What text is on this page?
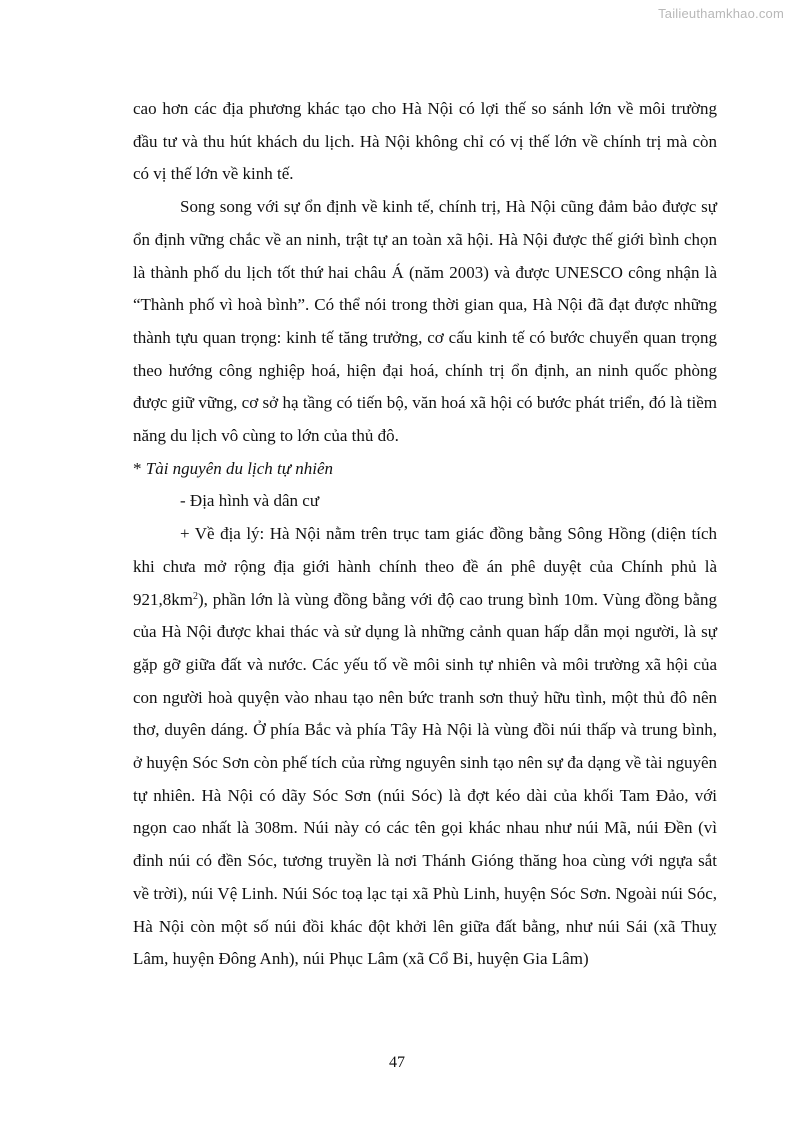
Tailieuthamkhao.com

cao hơn các địa phương khác tạo cho Hà Nội có lợi thế so sánh lớn về môi trường đầu tư và thu hút khách du lịch. Hà Nội không chỉ có vị thế lớn về chính trị mà còn có vị thế lớn về kinh tế.

Song song với sự ổn định về kinh tế, chính trị, Hà Nội cũng đảm bảo được sự ổn định vững chắc về an ninh, trật tự an toàn xã hội. Hà Nội được thế giới bình chọn là thành phố du lịch tốt thứ hai châu Á (năm 2003) và được UNESCO công nhận là “Thành phố vì hoà bình”. Có thể nói trong thời gian qua, Hà Nội đã đạt được những thành tựu quan trọng: kinh tế tăng trưởng, cơ cấu kinh tế có bước chuyển quan trọng theo hướng công nghiệp hoá, hiện đại hoá, chính trị ổn định, an ninh quốc phòng được giữ vững, cơ sở hạ tầng có tiến bộ, văn hoá xã hội có bước phát triển, đó là tiềm năng du lịch vô cùng to lớn của thủ đô.

* Tài nguyên du lịch tự nhiên

- Địa hình và dân cư

+ Về địa lý: Hà Nội nằm trên trục tam giác đồng bằng Sông Hồng (diện tích khi chưa mở rộng địa giới hành chính theo đề án phê duyệt của Chính phủ là $921,8km^2$), phần lớn là vùng đồng bằng với độ cao trung bình 10m. Vùng đồng bằng của Hà Nội được khai thác và sử dụng là những cảnh quan hấp dẫn mọi người, là sự gặp gỡ giữa đất và nước. Các yếu tố về môi sinh tự nhiên và môi trường xã hội của con người hoà quyện vào nhau tạo nên bức tranh sơn thuỷ hữu tình, một thủ đô nên thơ, duyên dáng. Ở phía Bắc và phía Tây Hà Nội là vùng đồi núi thấp và trung bình, ở huyện Sóc Sơn còn phế tích của rừng nguyên sinh tạo nên sự đa dạng về tài nguyên tự nhiên. Hà Nội có dãy Sóc Sơn (núi Sóc) là đợt kéo dài của khối Tam Đảo, với ngọn cao nhất là 308m. Núi này có các tên gọi khác nhau như núi Mã, núi Đền (vì đỉnh núi có đền Sóc, tương truyền là nơi Thánh Gióng thăng hoa cùng với ngựa sắt về trời), núi Vệ Linh. Núi Sóc toạ lạc tại xã Phù Linh, huyện Sóc Sơn. Ngoài núi Sóc, Hà Nội còn một số núi đồi khác đột khởi lên giữa đất bằng, như núi Sái (xã Thuỵ Lâm, huyện Đông Anh), núi Phục Lâm (xã Cổ Bi, huyện Gia Lâm)

47
